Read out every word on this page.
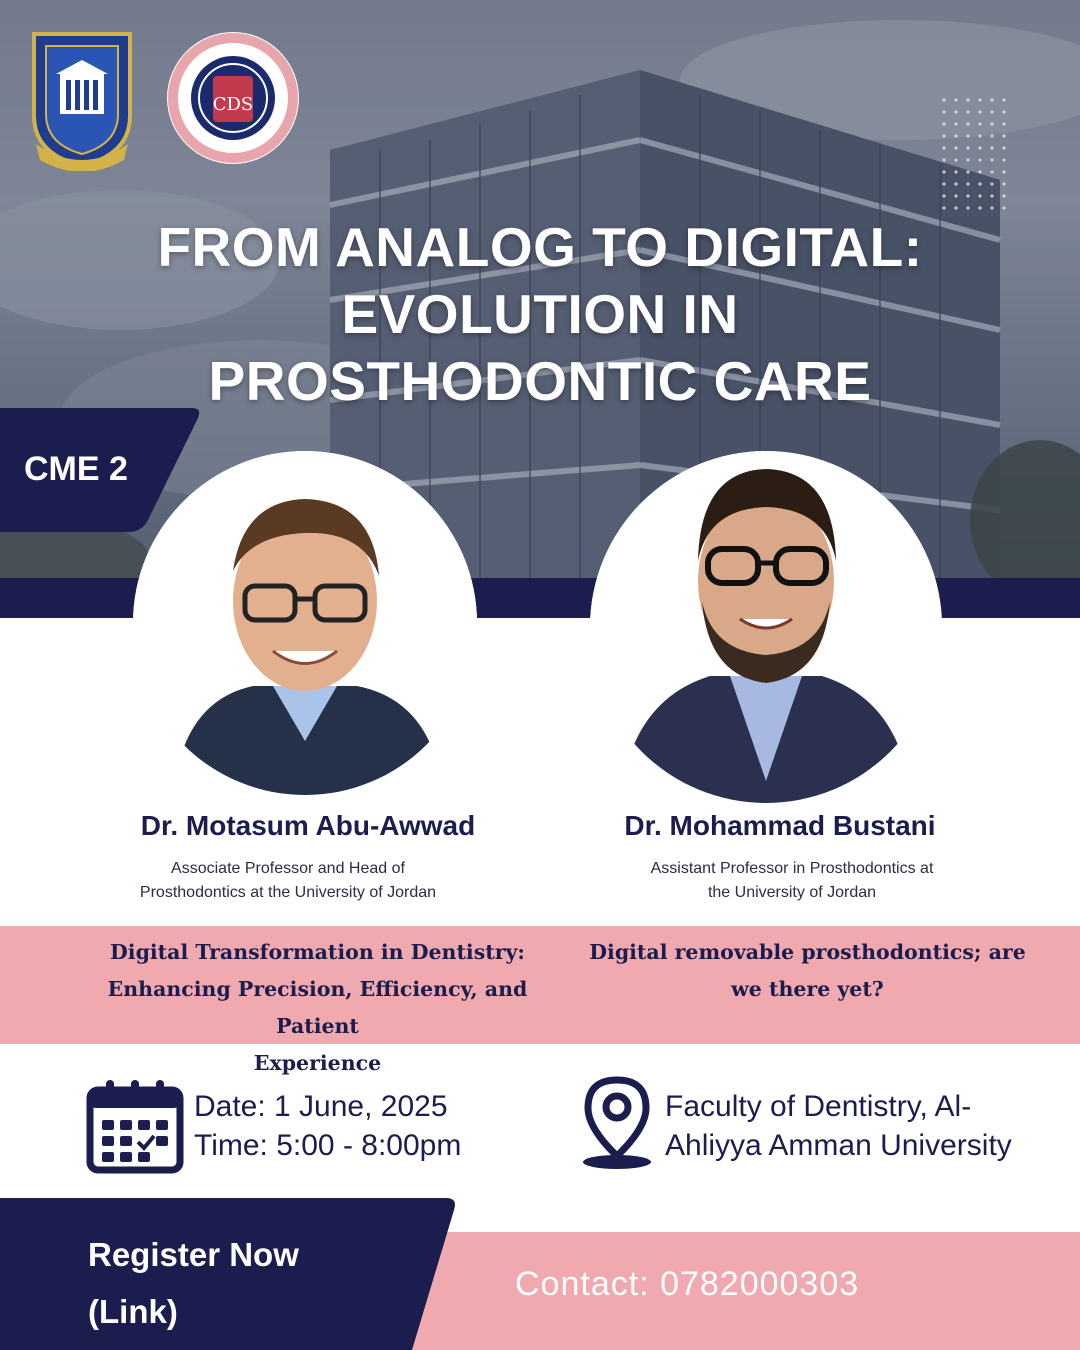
CDS
FROM ANALOG TO DIGITAL:
EVOLUTION IN
PROSTHODONTIC CARE
CME 2
Dr. Motasum Abu-Awwad

Associate Professor and Head of
Prosthodontics at the University of Jordan

Dr. Mohammad Bustani

Assistant Professor in Prosthodontics at
the University of Jordan

Digital Transformation in Dentistry:
Enhancing Precision, Efficiency, and Patient
Experience

Digital removable prosthodontics; are
we there yet?

Date: 1 June, 2025
Time: 5:00 - 8:00pm

Faculty of Dentistry, Al-
Ahliyya Amman University

Register Now
(Link)

Contact: 0782000303
